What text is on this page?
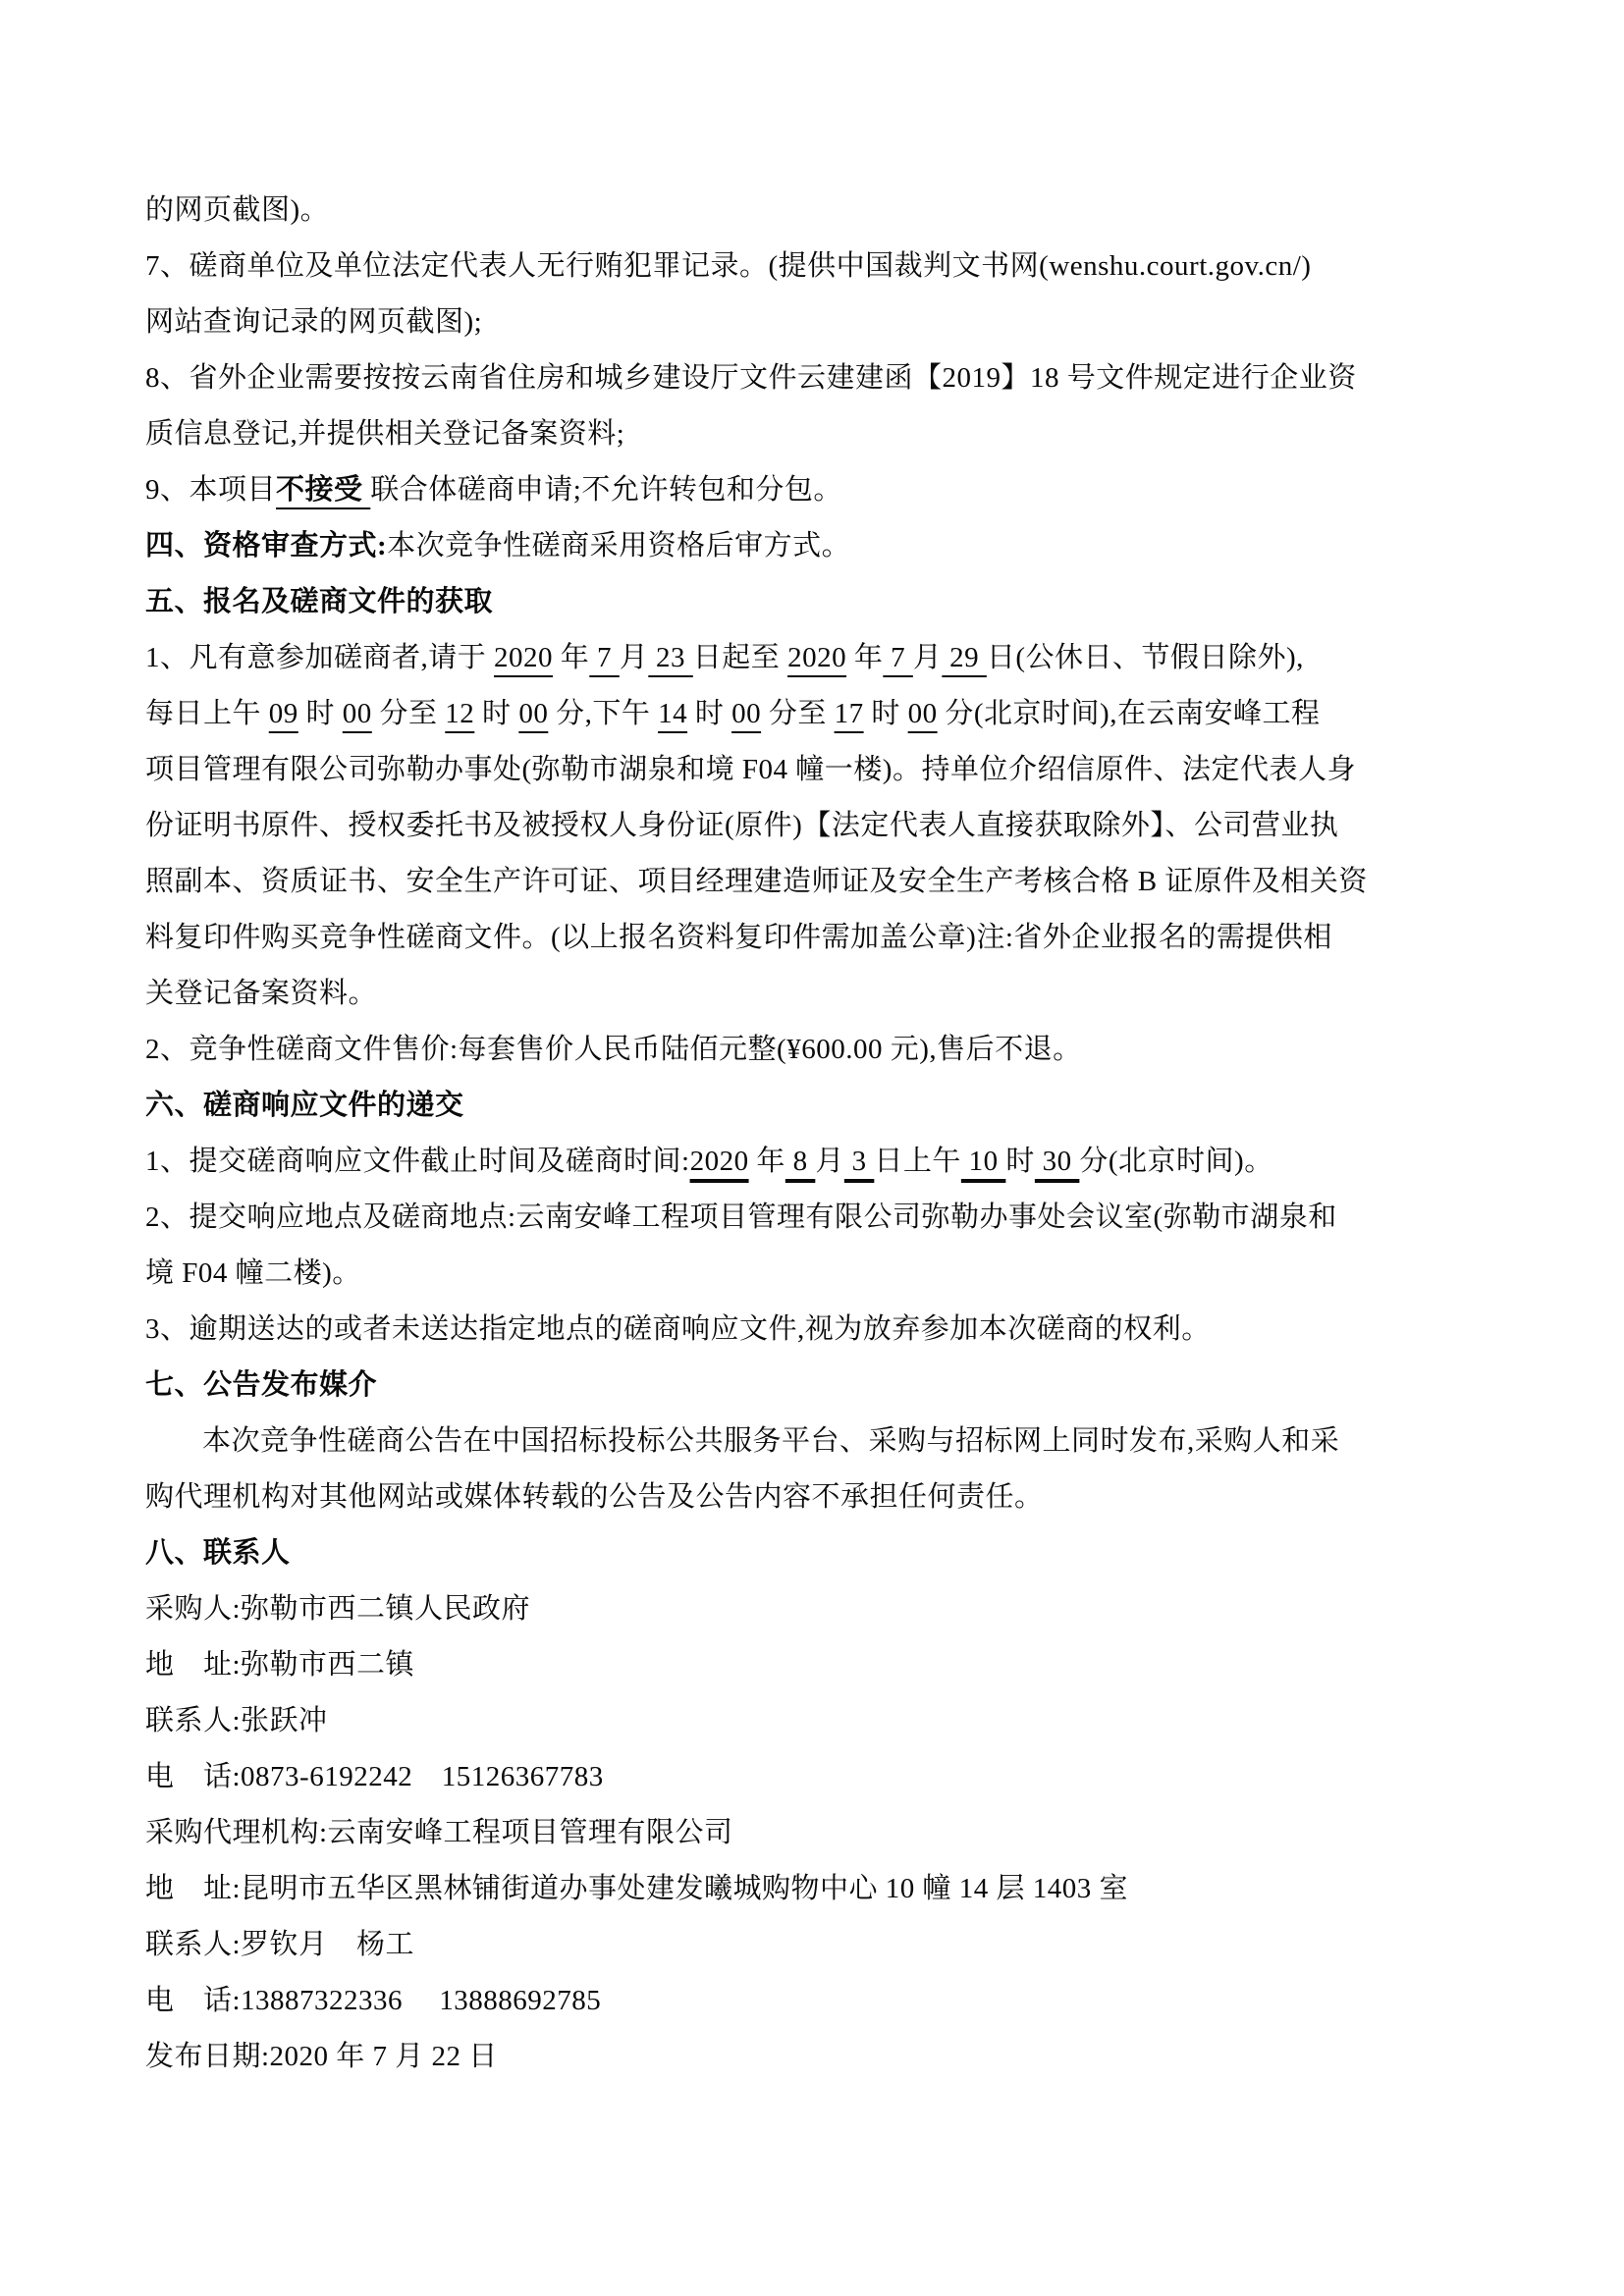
的网页截图)。
7、磋商单位及单位法定代表人无行贿犯罪记录。(提供中国裁判文书网(wenshu.court.gov.cn/)
网站查询记录的网页截图);
8、省外企业需要按按云南省住房和城乡建设厅文件云建建函【2019】18 号文件规定进行企业资
质信息登记,并提供相关登记备案资料;
9、本项目不接受 联合体磋商申请;不允许转包和分包。
四、资格审查方式:本次竞争性磋商采用资格后审方式。
五、报名及磋商文件的获取
1、凡有意参加磋商者,请于 2020 年 7 月 23 日起至 2020 年 7 月 29 日(公休日、节假日除外),
每日上午 09 时 00 分至 12 时 00 分,下午 14 时 00 分至 17 时 00 分(北京时间),在云南安峰工程
项目管理有限公司弥勒办事处(弥勒市湖泉和境 F04 幢一楼)。持单位介绍信原件、法定代表人身
份证明书原件、授权委托书及被授权人身份证(原件)【法定代表人直接获取除外】、公司营业执
照副本、资质证书、安全生产许可证、项目经理建造师证及安全生产考核合格 B 证原件及相关资
料复印件购买竞争性磋商文件。(以上报名资料复印件需加盖公章)注:省外企业报名的需提供相
关登记备案资料。
2、竞争性磋商文件售价:每套售价人民币陆佰元整(¥600.00 元),售后不退。
六、磋商响应文件的递交
1、提交磋商响应文件截止时间及磋商时间:2020 年 8 月 3 日上午 10 时 30 分(北京时间)。
2、提交响应地点及磋商地点:云南安峰工程项目管理有限公司弥勒办事处会议室(弥勒市湖泉和
境 F04 幢二楼)。
3、逾期送达的或者未送达指定地点的磋商响应文件,视为放弃参加本次磋商的权利。
七、公告发布媒介
本次竞争性磋商公告在中国招标投标公共服务平台、采购与招标网上同时发布,采购人和采
购代理机构对其他网站或媒体转载的公告及公告内容不承担任何责任。
八、联系人
采购人:弥勒市西二镇人民政府
地　址:弥勒市西二镇
联系人:张跃冲
电　话:0873-6192242　15126367783
采购代理机构:云南安峰工程项目管理有限公司
地　址:昆明市五华区黑林铺街道办事处建发曦城购物中心 10 幢 14 层 1403 室
联系人:罗钦月　杨工
电　话:13887322336　 13888692785
发布日期:2020 年 7 月 22 日
